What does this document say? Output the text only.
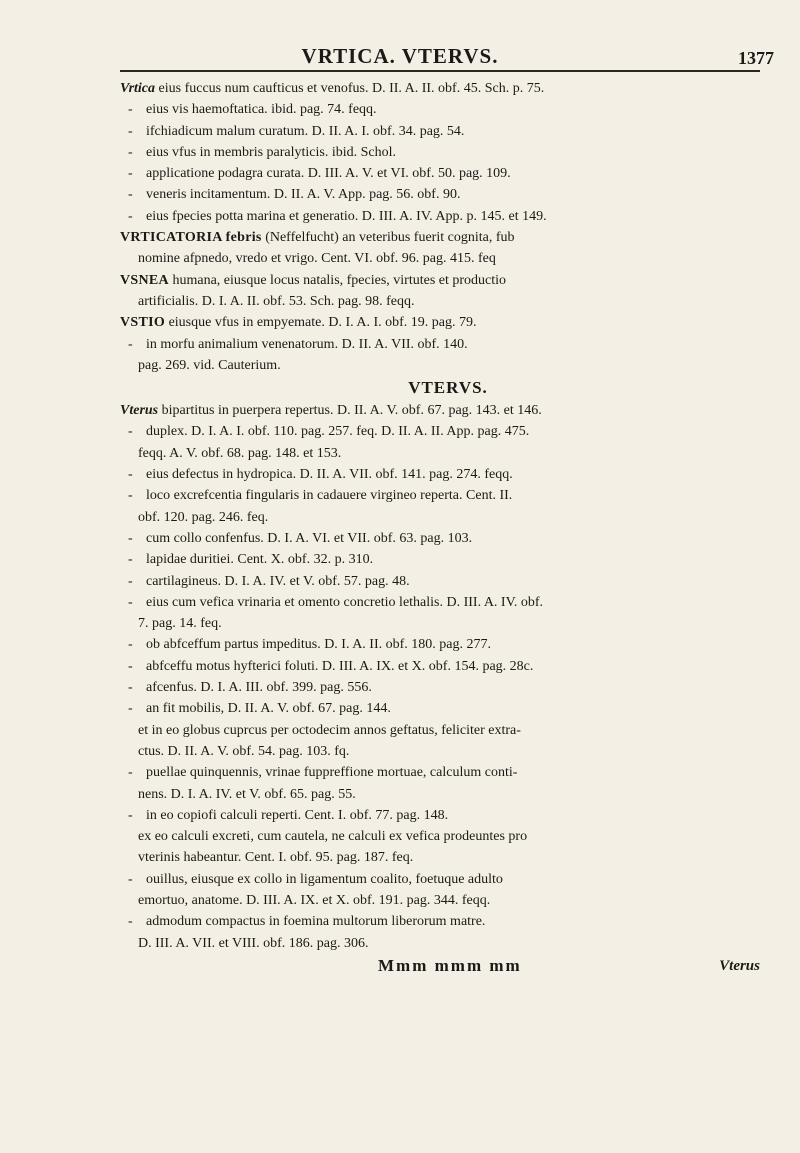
VRTICA. VTERVS.	1377
Vrtica eius fuccus num caufticus et venofus. D. II. A. II. obf. 45. Sch. p. 75.
- eius vis haemoftatica. ibid. pag. 74. feqq.
- ifchiadicum malum curatum. D. II. A. I. obf. 34. pag. 54.
- eius vfus in membris paralyticis. ibid. Schol.
- applicatione podagra curata. D. III. A. V. et VI. obf. 50. pag. 109.
- veneris incitamentum. D. II. A. V. App. pag. 56. obf. 90.
- eius fpecies potta marina et generatio. D. III. A. IV. App. p. 145. et 149.
VRTICATORIA febris (Neffelfucht) an veteribus fuerit cognita, fub
nomine afpnedo, vredo et vrigo. Cent. VI. obf. 96. pag. 415. feq
VSNEA humana, eiusque locus natalis, fpecies, virtutes et productio
artificialis. D. I. A. II. obf. 53. Sch. pag. 98. feqq.
VSTIO eiusque vfus in empyemate. D. I. A. I. obf. 19. pag. 79.
- in morfu animalium venenatorum. D. II. A. VII. obf. 140.
pag. 269. vid. Cauterium.
VTERVS.
Vterus bipartitus in puerpera repertus. D. II. A. V. obf. 67. pag. 143. et 146.
- duplex. D. I. A. I. obf. 110. pag. 257. feq. D. II. A. II. App. pag. 475.
feqq. A. V. obf. 68. pag. 148. et 153.
- eius defectus in hydropica. D. II. A. VII. obf. 141. pag. 274. feqq.
- loco excrefcentia fingularis in cadauere virgineo reperta. Cent. II.
obf. 120. pag. 246. feq.
- cum collo confenfus. D. I. A. VI. et VII. obf. 63. pag. 103.
- lapidae duritiei. Cent. X. obf. 32. p. 310.
- cartilagineus. D. I. A. IV. et V. obf. 57. pag. 48.
- eius cum vefica vrinaria et omento concretio lethalis. D. III. A. IV. obf.
7. pag. 14. feq.
- ob abfceffum partus impeditus. D. I. A. II. obf. 180. pag. 277.
- abfceffu motus hyfterici foluti. D. III. A. IX. et X. obf. 154. pag. 28c.
- afcenfus. D. I. A. III. obf. 399. pag. 556.
- an fit mobilis, D. II. A. V. obf. 67. pag. 144.
et in eo globus cuprcus per octodecim annos geftatus, feliciter extra-
ctus. D. II. A. V. obf. 54. pag. 103. fq.
- puellae quinquennis, vrinae fuppreffione mortuae, calculum conti-
nens. D. I. A. IV. et V. obf. 65. pag. 55.
- in eo copiofi calculi reperti. Cent. I. obf. 77. pag. 148.
ex eo calculi excreti, cum cautela, ne calculi ex vefica prodeuntes pro
vterinis habeantur. Cent. I. obf. 95. pag. 187. feq.
- ouillus, eiusque ex collo in ligamentum coalito, foetuque adulto
emortuo, anatome. D. III. A. IX. et X. obf. 191. pag. 344. feqq.
- admodum compactus in foemina multorum liberorum matre.
D. III. A. VII. et VIII. obf. 186. pag. 306.
Mmm mmm mm	Vterus
